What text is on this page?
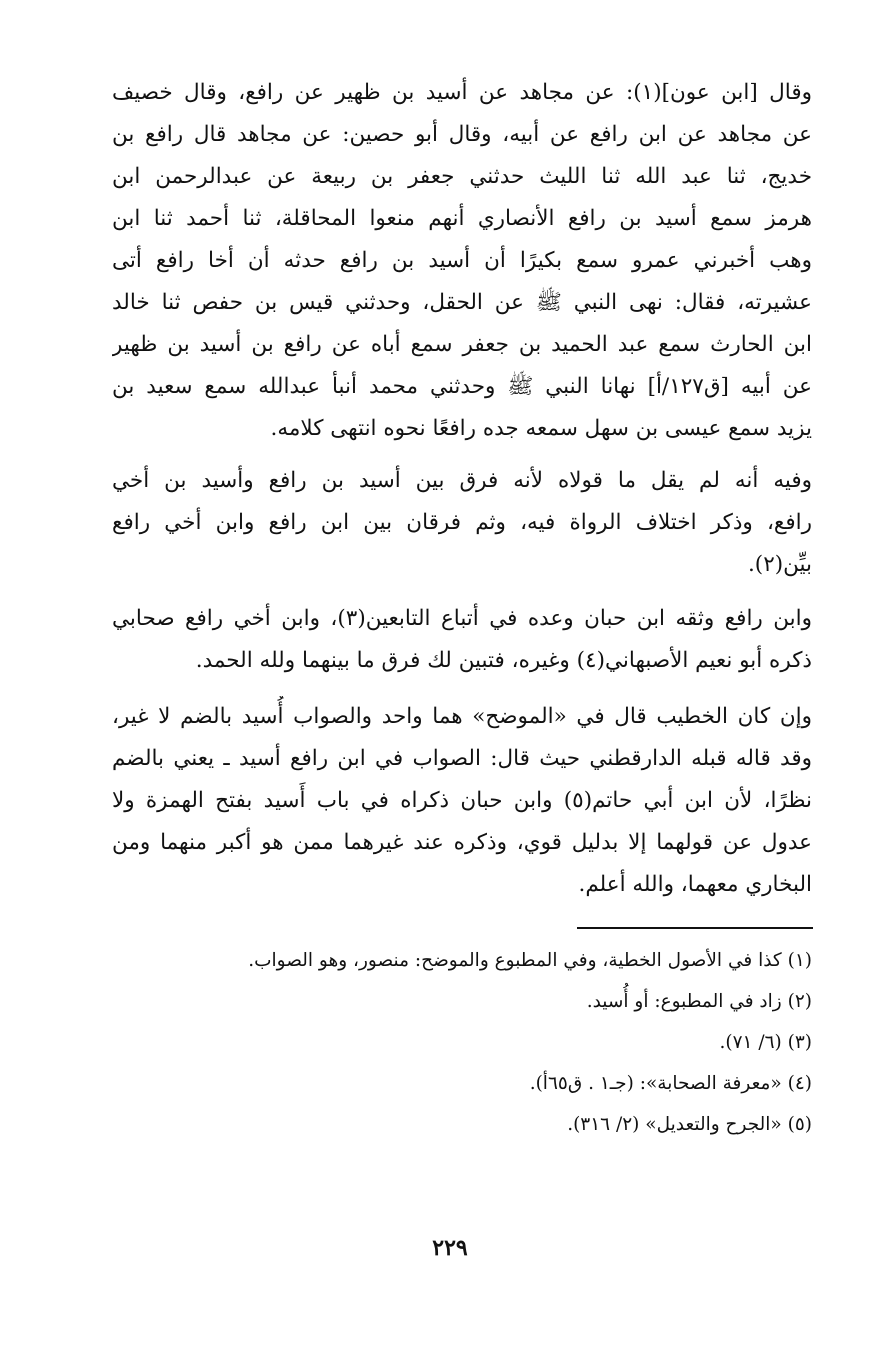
وقال [ابن عون](١): عن مجاهد عن أسيد بن ظهير عن رافع، وقال خصيف
عن مجاهد عن ابن رافع عن أبيه، وقال أبو حصين: عن مجاهد قال رافع بن
خديج، ثنا عبد الله ثنا الليث حدثني جعفر بن ربيعة عن عبدالرحمن ابن
هرمز سمع أسيد بن رافع الأنصاري أنهم منعوا المحاقلة، ثنا أحمد ثنا ابن
وهب أخبرني عمرو سمع بكيرًا أن أسيد بن رافع حدثه أن أخا رافع أتى
عشيرته، فقال: نهى النبي ﷺ عن الحقل، وحدثني قيس بن حفص ثنا خالد
ابن الحارث سمع عبد الحميد بن جعفر سمع أباه عن رافع بن أسيد بن ظهير
عن أبيه [ق١٢٧/أ] نهانا النبي ﷺ وحدثني محمد أنبأ عبدالله سمع سعيد بن
يزيد سمع عيسى بن سهل سمعه جده رافعًا نحوه انتهى كلامه.
وفيه أنه لم يقل ما قولاه لأنه فرق بين أسيد بن رافع وأسيد بن أخي
رافع، وذكر اختلاف الرواة فيه، وثم فرقان بين ابن رافع وابن أخي رافع
بيِّن(٢).
وابن رافع وثقه ابن حبان وعده في أتباع التابعين(٣)، وابن أخي رافع صحابي
ذكره أبو نعيم الأصبهاني(٤) وغيره، فتبين لك فرق ما بينهما ولله الحمد.
وإن كان الخطيب قال في «الموضح» هما واحد والصواب أُسيد بالضم لا غير،
وقد قاله قبله الدارقطني حيث قال: الصواب في ابن رافع أسيد ـ يعني بالضم
نظرًا، لأن ابن أبي حاتم(٥) وابن حبان ذكراه في باب أَسيد بفتح الهمزة ولا
عدول عن قولهما إلا بدليل قوي، وذكره عند غيرهما ممن هو أكبر منهما ومن
البخاري معهما، والله أعلم.
(١) كذا في الأصول الخطية، وفي المطبوع والموضح: منصور، وهو الصواب.
(٢) زاد في المطبوع: أو أُسيد.
(٣) (٦/ ٧١).
(٤) «معرفة الصحابة»: (جـ١ . ق٦٥أ).
(٥) «الجرح والتعديل» (٢/ ٣١٦).
٢٢٩
